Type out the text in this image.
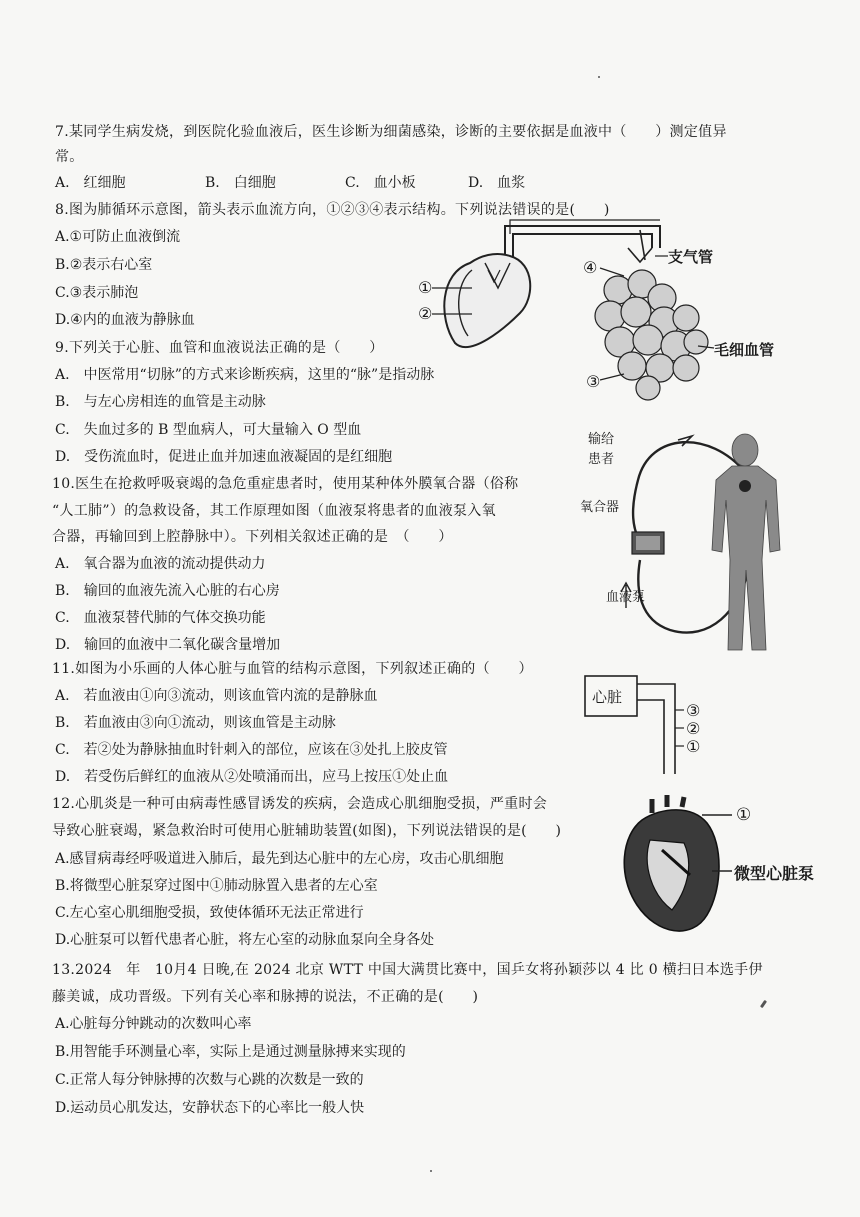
7.某同学生病发烧，到医院化验血液后，医生诊断为细菌感染，诊断的主要依据是血液中（　　）测定值异
常。
A.　红细胞	B.　白细胞	C.　血小板	D.　血浆
8.图为肺循环示意图，箭头表示血流方向，①②③④表示结构。下列说法错误的是(　　)
A.①可防止血液倒流
B.②表示右心室
C.③表示肺泡
D.④内的血液为静脉血
①
②
④
③
支气管
毛细血管
9.下列关于心脏、血管和血液说法正确的是（　　）
A.　中医常用“切脉”的方式来诊断疾病，这里的“脉”是指动脉
B.　与左心房相连的血管是主动脉
C.　失血过多的 B 型血病人，可大量输入 O 型血
D.　受伤流血时，促进止血并加速血液凝固的是红细胞
10.医生在抢救呼吸衰竭的急危重症患者时，使用某种体外膜氧合器（俗称
“人工肺”）的急救设备，其工作原理如图（血液泵将患者的血液泵入氧
合器，再输回到上腔静脉中）。下列相关叙述正确的是　（　　）
A.　氧合器为血液的流动提供动力
B.　输回的血液先流入心脏的右心房
C.　血液泵替代肺的气体交换功能
D.　输回的血液中二氧化碳含量增加
输给
患者
氧合器
血液泵
11.如图为小乐画的人体心脏与血管的结构示意图，下列叙述正确的（　　）
A.　若血液由①向③流动，则该血管内流的是静脉血
B.　若血液由③向①流动，则该血管是主动脉
C.　若②处为静脉抽血时针刺入的部位，应该在③处扎上胶皮管
D.　若受伤后鲜红的血液从②处喷涌而出，应马上按压①处止血
心脏
③
②
①
12.心肌炎是一种可由病毒性感冒诱发的疾病，会造成心肌细胞受损，严重时会
导致心脏衰竭，紧急救治时可使用心脏辅助装置(如图)，下列说法错误的是(　　)
A.感冒病毒经呼吸道进入肺后，最先到达心脏中的左心房，攻击心肌细胞
B.将微型心脏泵穿过图中①肺动脉置入患者的左心室
C.左心室心肌细胞受损，致使体循环无法正常进行
D.心脏泵可以暂代患者心脏，将左心室的动脉血泵向全身各处
①
微型心脏泵
13.2024　年　10月4 日晚,在 2024 北京 WTT 中国大满贯比赛中，国乒女将孙颖莎以 4 比 0 横扫日本选手伊
藤美诚，成功晋级。下列有关心率和脉搏的说法，不正确的是(　　)
A.心脏每分钟跳动的次数叫心率
B.用智能手环测量心率，实际上是通过测量脉搏来实现的
C.正常人每分钟脉搏的次数与心跳的次数是一致的
D.运动员心肌发达，安静状态下的心率比一般人快
